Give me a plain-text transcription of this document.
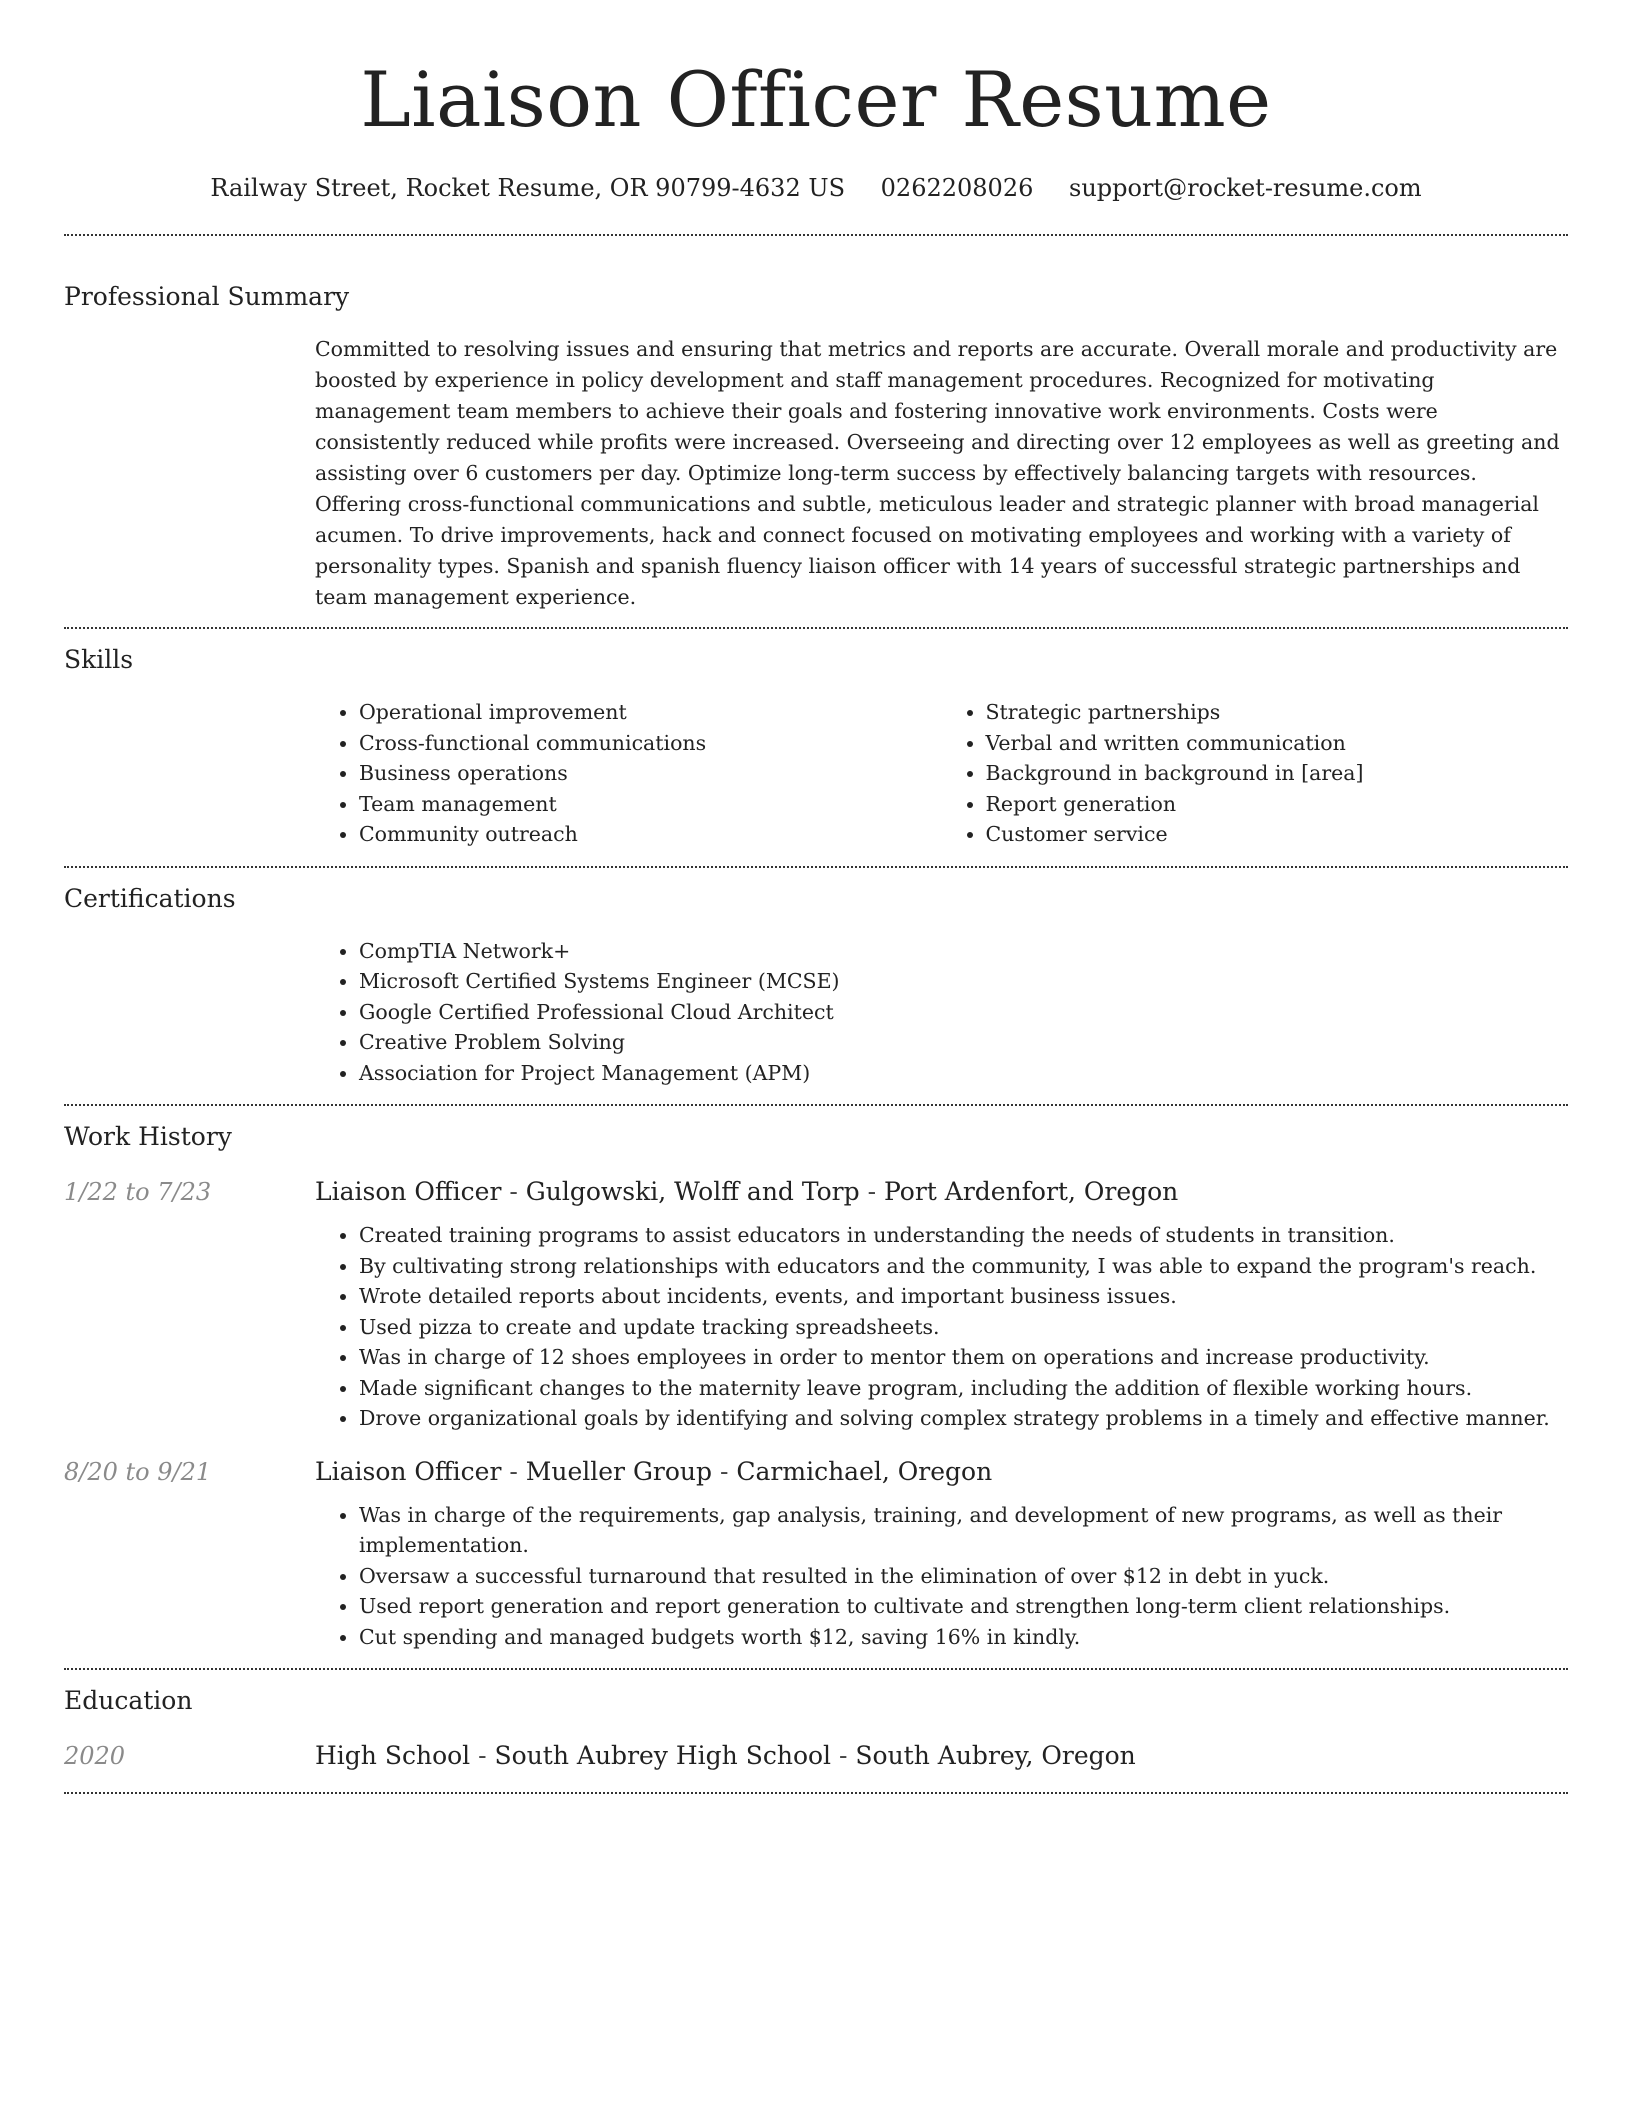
Liaison Officer Resume
Railway Street, Rocket Resume, OR 90799-4632 US 0262208026 support@rocket-resume.com
Professional Summary

Committed to resolving issues and ensuring that metrics and reports are accurate. Overall morale and productivity are boosted by experience in policy development and staff management procedures. Recognized for motivating management team members to achieve their goals and fostering innovative work environments. Costs were consistently reduced while profits were increased. Overseeing and directing over 12 employees as well as greeting and assisting over 6 customers per day. Optimize long-term success by effectively balancing targets with resources. Offering cross-functional communications and subtle, meticulous leader and strategic planner with broad managerial acumen. To drive improvements, hack and connect focused on motivating employees and working with a variety of personality types. Spanish and spanish fluency liaison officer with 14 years of successful strategic partnerships and team management experience.

Skills
• Operational improvement
• Cross-functional communications
• Business operations
• Team management
• Community outreach
• Strategic partnerships
• Verbal and written communication
• Background in background in [area]
• Report generation
• Customer service
Certifications
• CompTIA Network+
• Microsoft Certified Systems Engineer (MCSE)
• Google Certified Professional Cloud Architect
• Creative Problem Solving
• Association for Project Management (APM)
Work History
1/22 to 7/23	Liaison Officer - Gulgowski, Wolff and Torp - Port Ardenfort, Oregon
• Created training programs to assist educators in understanding the needs of students in transition.
• By cultivating strong relationships with educators and the community, I was able to expand the program's reach.
• Wrote detailed reports about incidents, events, and important business issues.
• Used pizza to create and update tracking spreadsheets.
• Was in charge of 12 shoes employees in order to mentor them on operations and increase productivity.
• Made significant changes to the maternity leave program, including the addition of flexible working hours.
• Drove organizational goals by identifying and solving complex strategy problems in a timely and effective manner.
8/20 to 9/21	Liaison Officer - Mueller Group - Carmichael, Oregon
• Was in charge of the requirements, gap analysis, training, and development of new programs, as well as their implementation.
• Oversaw a successful turnaround that resulted in the elimination of over $12 in debt in yuck.
• Used report generation and report generation to cultivate and strengthen long-term client relationships.
• Cut spending and managed budgets worth $12, saving 16% in kindly.
Education
2020	High School - South Aubrey High School - South Aubrey, Oregon
